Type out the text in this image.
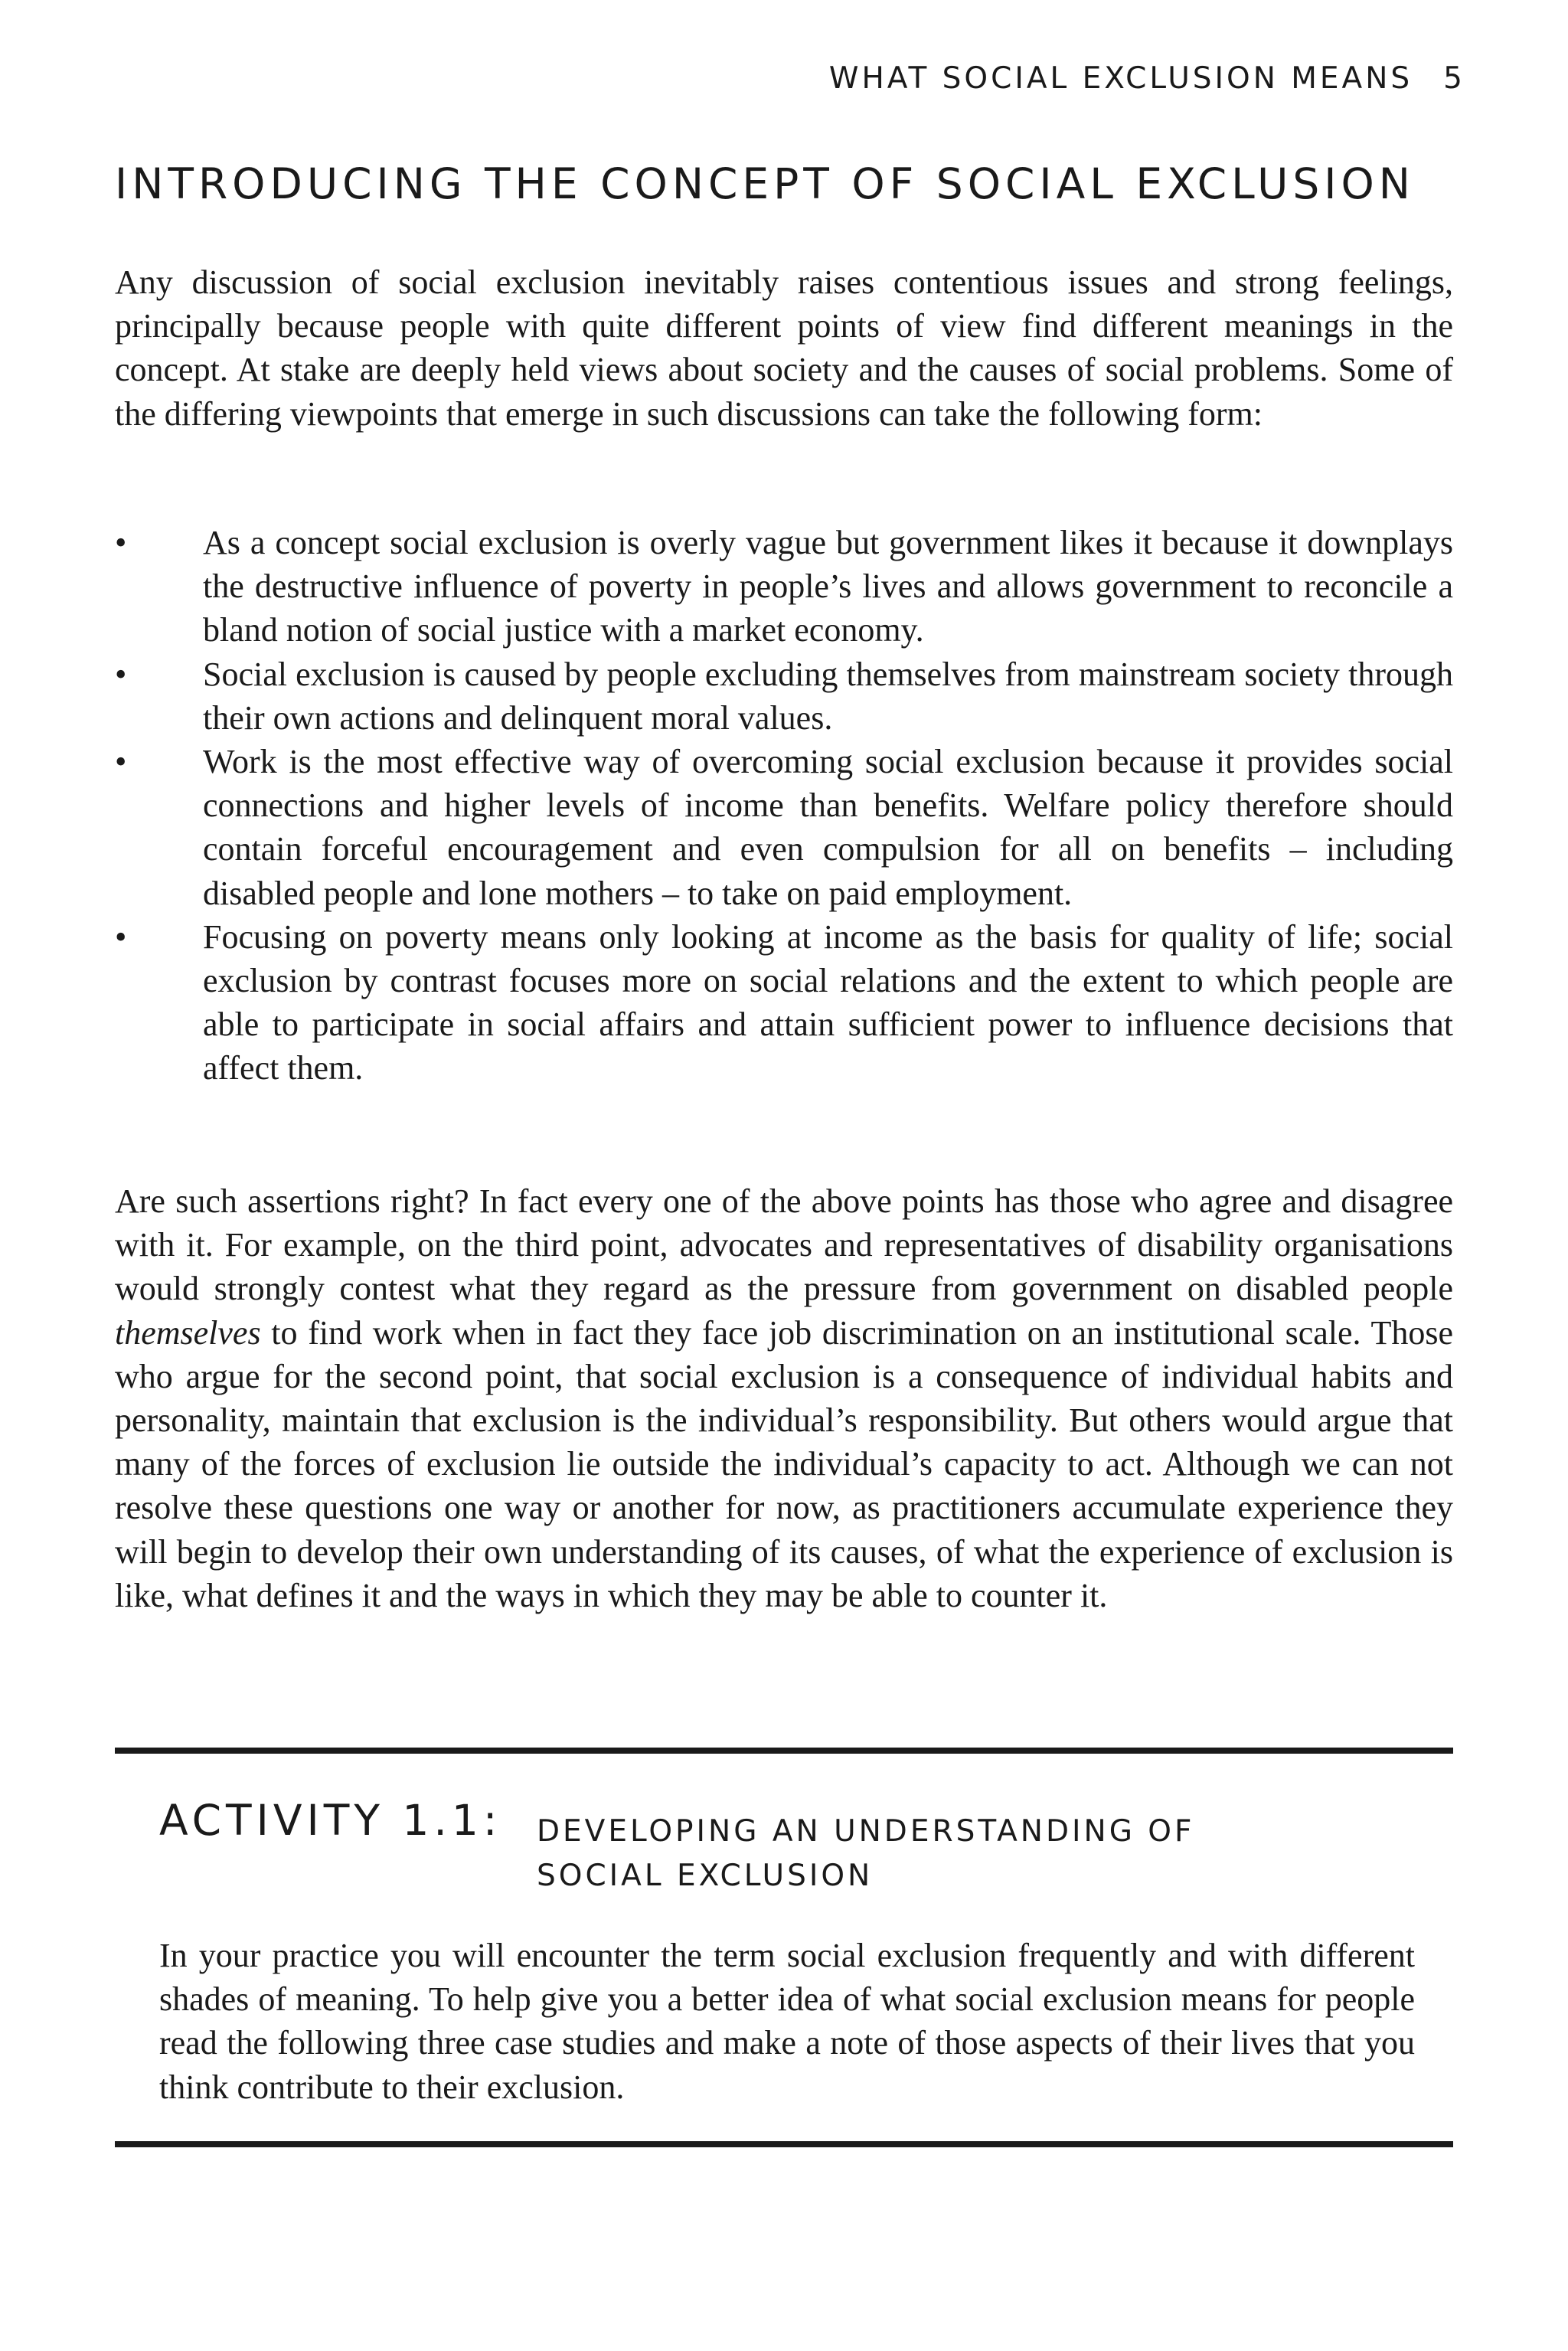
WHAT SOCIAL EXCLUSION MEANS 5
INTRODUCING THE CONCEPT OF SOCIAL EXCLUSION

Any discussion of social exclusion inevitably raises contentious issues and strong feelings, principally because people with quite different points of view find different meanings in the concept. At stake are deeply held views about society and the causes of social problems. Some of the differing viewpoints that emerge in such discussions can take the following form:

• As a concept social exclusion is overly vague but government likes it because it downplays the destructive influence of poverty in people’s lives and allows government to reconcile a bland notion of social justice with a market economy.
• Social exclusion is caused by people excluding themselves from mainstream society through their own actions and delinquent moral values.
• Work is the most effective way of overcoming social exclusion because it provides social connections and higher levels of income than benefits. Welfare policy therefore should contain forceful encouragement and even compulsion for all on benefits – including disabled people and lone mothers – to take on paid employment.
• Focusing on poverty means only looking at income as the basis for quality of life; social exclusion by contrast focuses more on social relations and the extent to which people are able to participate in social affairs and attain sufficient power to influence decisions that affect them.

Are such assertions right? In fact every one of the above points has those who agree and disagree with it. For example, on the third point, advocates and representatives of disability organisations would strongly contest what they regard as the pressure from government on disabled people themselves to find work when in fact they face job discrimination on an institutional scale. Those who argue for the second point, that social exclusion is a consequence of individual habits and personality, maintain that exclusion is the individual’s responsibility. But others would argue that many of the forces of exclusion lie outside the individual’s capacity to act. Although we can not resolve these questions one way or another for now, as practitioners accumulate experience they will begin to develop their own understanding of its causes, of what the experience of exclusion is like, what defines it and the ways in which they may be able to counter it.

ACTIVITY 1.1: DEVELOPING AN UNDERSTANDING OF
SOCIAL EXCLUSION

In your practice you will encounter the term social exclusion frequently and with different shades of meaning. To help give you a better idea of what social exclusion means for people read the following three case studies and make a note of those aspects of their lives that you think contribute to their exclusion.
